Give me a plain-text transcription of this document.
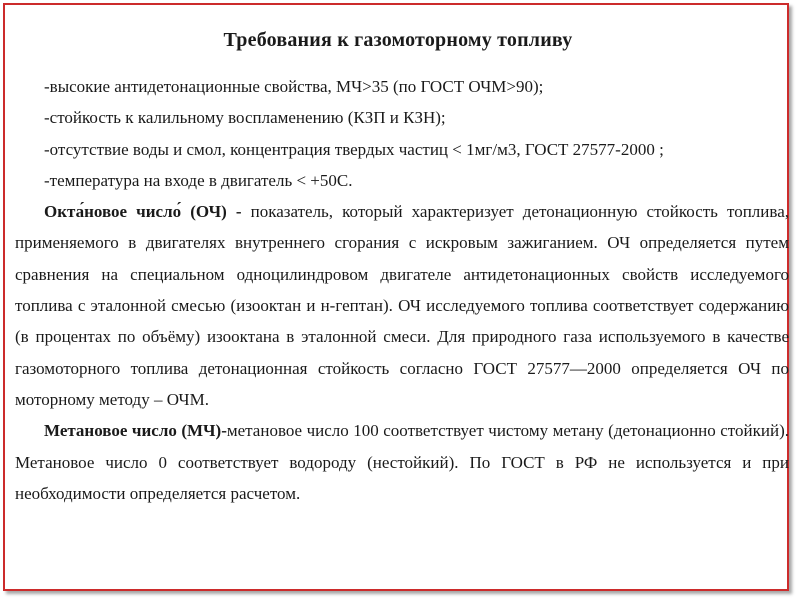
Требования к газомоторному топливу

-высокие антидетонационные свойства, МЧ>35 (по ГОСТ ОЧМ>90);

-стойкость к калильному воспламенению (КЗП и КЗН);

-отсутствие воды и смол, концентрация твердых частиц < 1мг/м3, ГОСТ 27577-2000 ;

-температура на входе в двигатель < +50С.

Окта́новое число́ (ОЧ) - показатель, который характеризует детонационную стойкость топлива, применяемого в двигателях внутреннего сгорания с искровым зажиганием. ОЧ определяется путем сравнения на специальном одноцилиндровом двигателе антидетонационных свойств исследуемого топлива с эталонной смесью (изооктан и н-гептан). ОЧ исследуемого топлива соответствует содержанию (в процентах по объёму) изооктана в эталонной смеси. Для природного газа используемого в качестве газомоторного топлива детонационная стойкость согласно ГОСТ 27577—2000 определяется ОЧ по моторному методу – ОЧМ.

Метановое число (МЧ)-метановое число 100 соответствует чистому метану (детонационно стойкий). Метановое число 0 соответствует водороду (нестойкий). По ГОСТ в РФ не используется и при необходимости определяется расчетом.
